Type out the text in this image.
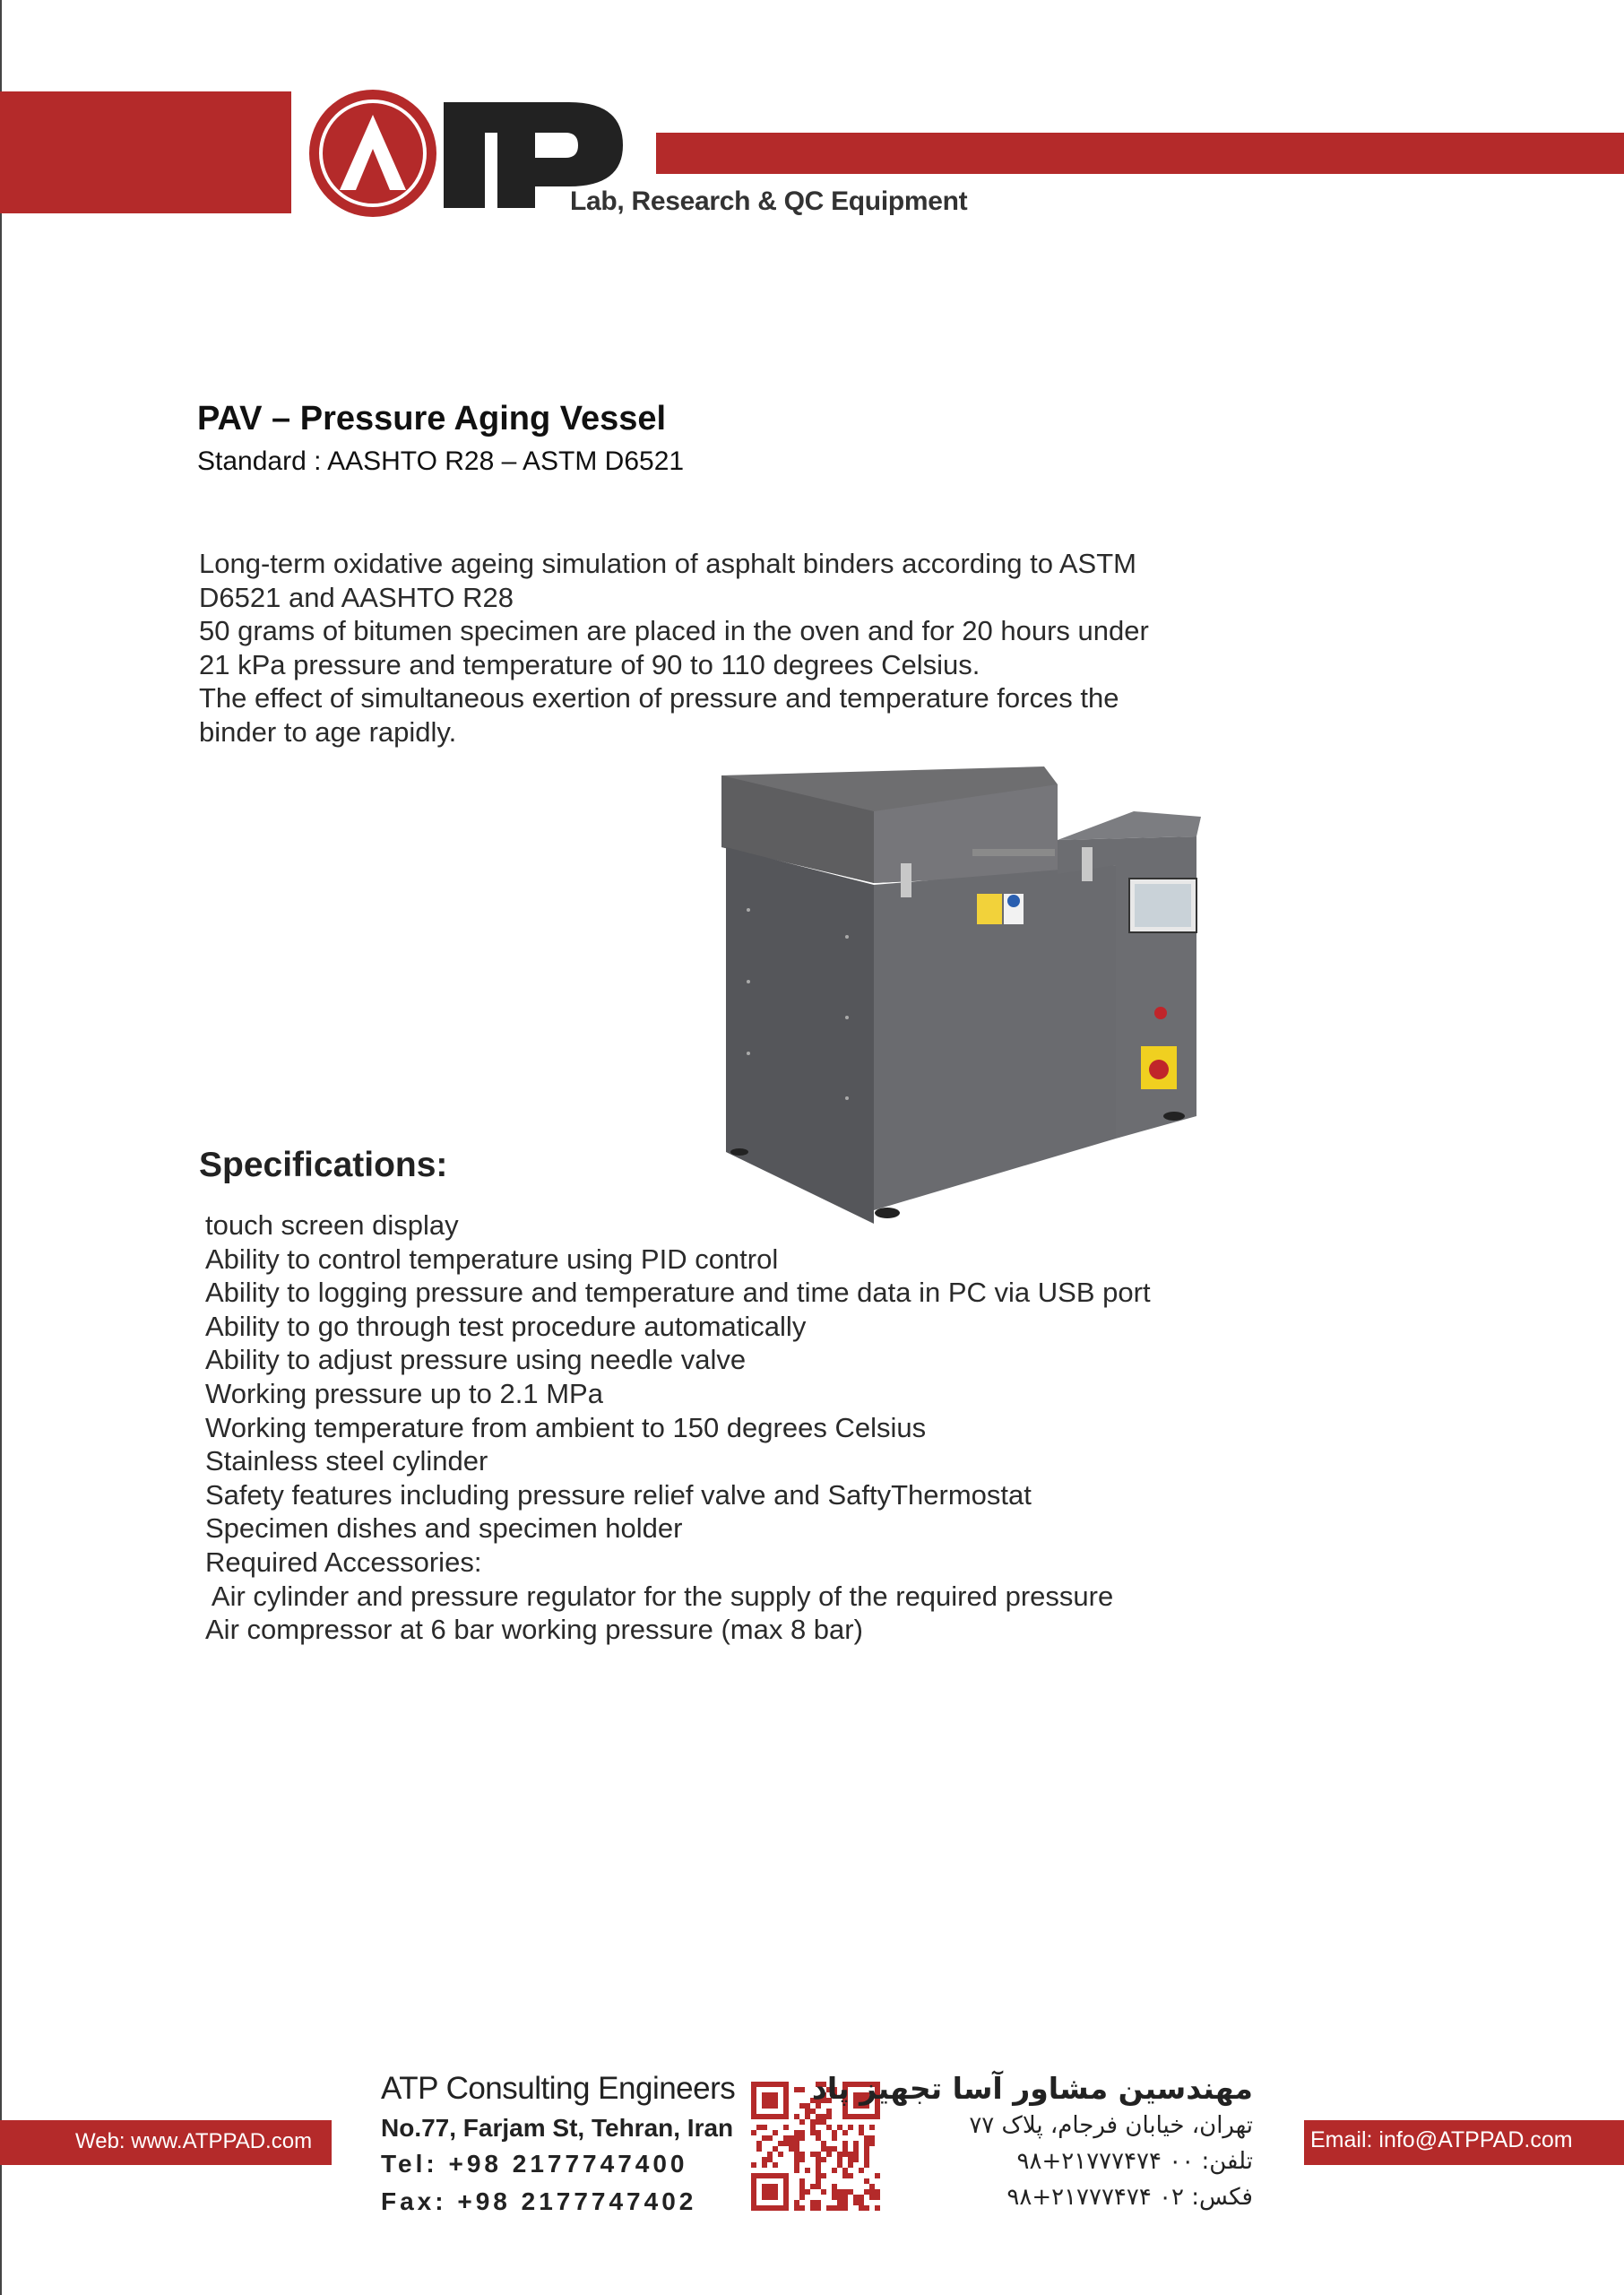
Lab, Research & QC Equipment
PAV – Pressure Aging Vessel
Standard : AASHTO R28 – ASTM D6521
Long-term oxidative ageing simulation of asphalt binders according to ASTM
D6521 and AASHTO R28
50 grams of bitumen specimen are placed in the oven and for 20 hours under
21 kPa pressure and temperature of 90 to 110 degrees Celsius.
The effect of simultaneous exertion of pressure and temperature forces the
binder to age rapidly.
Specifications:
touch screen display
Ability to control temperature using PID control
Ability to logging pressure and temperature and time data in PC via USB port
Ability to go through test procedure automatically
Ability to adjust pressure using needle valve
Working pressure up to 2.1 MPa
Working temperature from ambient to 150 degrees Celsius
Stainless steel cylinder
Safety features including pressure relief valve and SaftyThermostat
Specimen dishes and specimen holder
Required Accessories:
Air cylinder and pressure regulator for the supply of the required pressure
Air compressor at 6 bar working pressure (max 8 bar)
Web: www.ATPPAD.com	Email: info@ATPPAD.com
ATP Consulting Engineers
No.77, Farjam St, Tehran, Iran
Tel: +98 2177747400
Fax: +98 2177747402
مهندسین مشاور آسا تجهیز پاد
تهران، خیابان فرجام، پلاک ۷۷
تلفن: ۰۰ ۲۱۷۷۷۴۷۴+۹۸
فکس: ۰۲ ۲۱۷۷۷۴۷۴+۹۸
